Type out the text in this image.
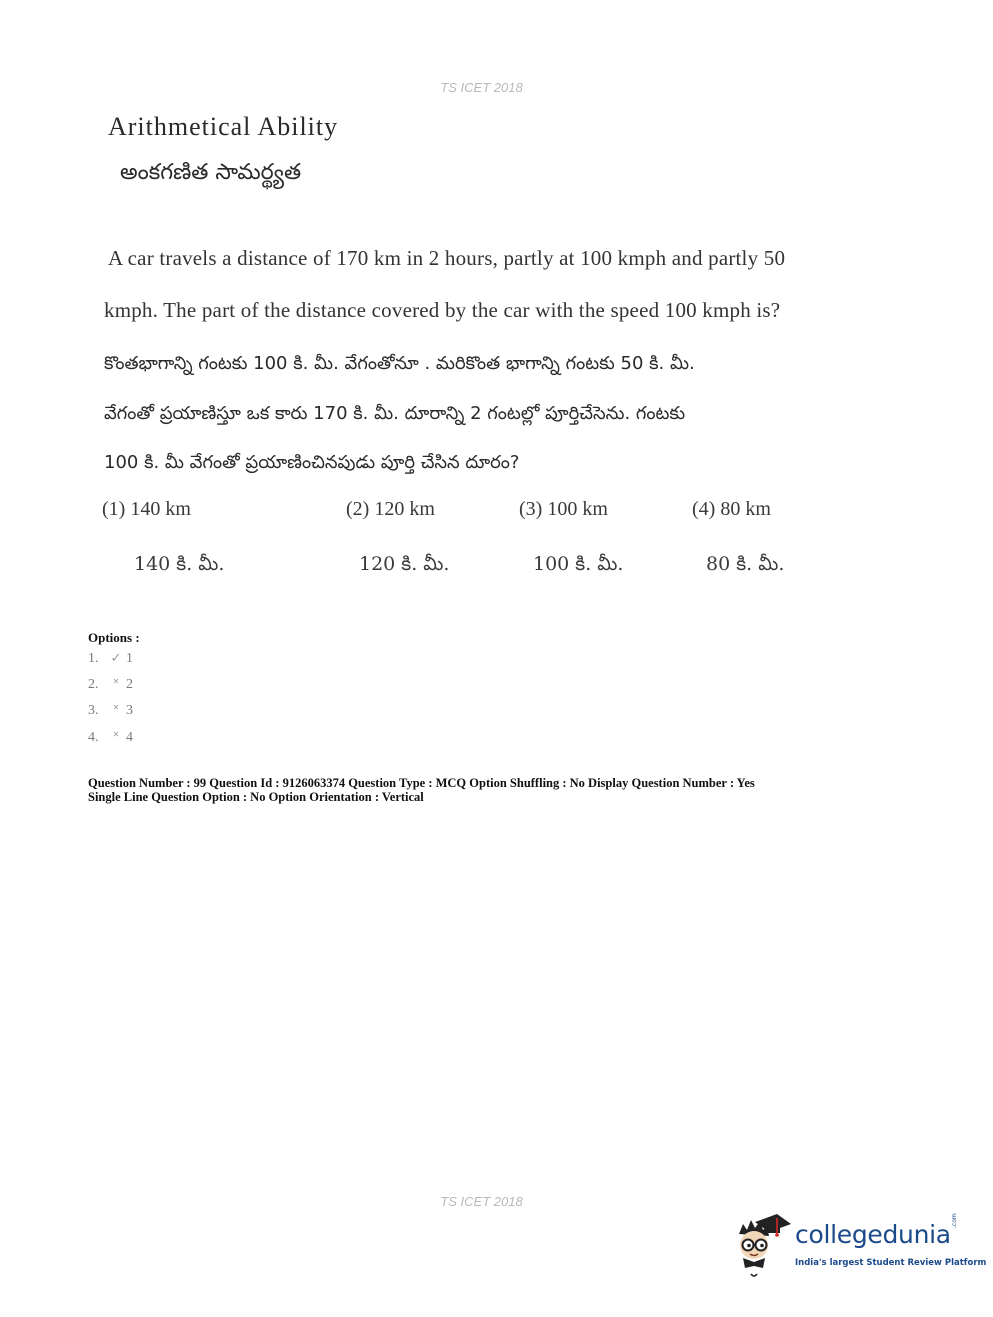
TS ICET 2018
Arithmetical Ability
అంకగణిత సామర్థ్యత
A car travels a distance of 170 km in 2 hours, partly at 100 kmph and partly 50
kmph. The part of the distance covered by the car with the speed 100 kmph is?
కొంతభాగాన్ని గంటకు 100 కి. మీ. వేగంతోనూ . మరికొంత భాగాన్ని గంటకు 50 కి. మీ.
వేగంతో ప్రయాణిస్తూ ఒక కారు 170 కి. మీ. దూరాన్ని 2 గంటల్లో పూర్తిచేసెను. గంటకు
100 కి. మీ వేగంతో ప్రయాణించినపుడు పూర్తి చేసిన దూరం?
(1) 140 km	(2) 120 km	(3) 100 km	(4) 80 km
140 కి. మీ.	120 కి. మీ.	100 కి. మీ.	80 కి. మీ.
Options :
1. ✓ 1
2. ✕ 2
3. ✕ 3
4. ✕ 4
Question Number : 99 Question Id : 9126063374 Question Type : MCQ Option Shuffling : No Display Question Number : Yes
Single Line Question Option : No Option Orientation : Vertical
TS ICET 2018
collegedunia .com
India's largest Student Review Platform
